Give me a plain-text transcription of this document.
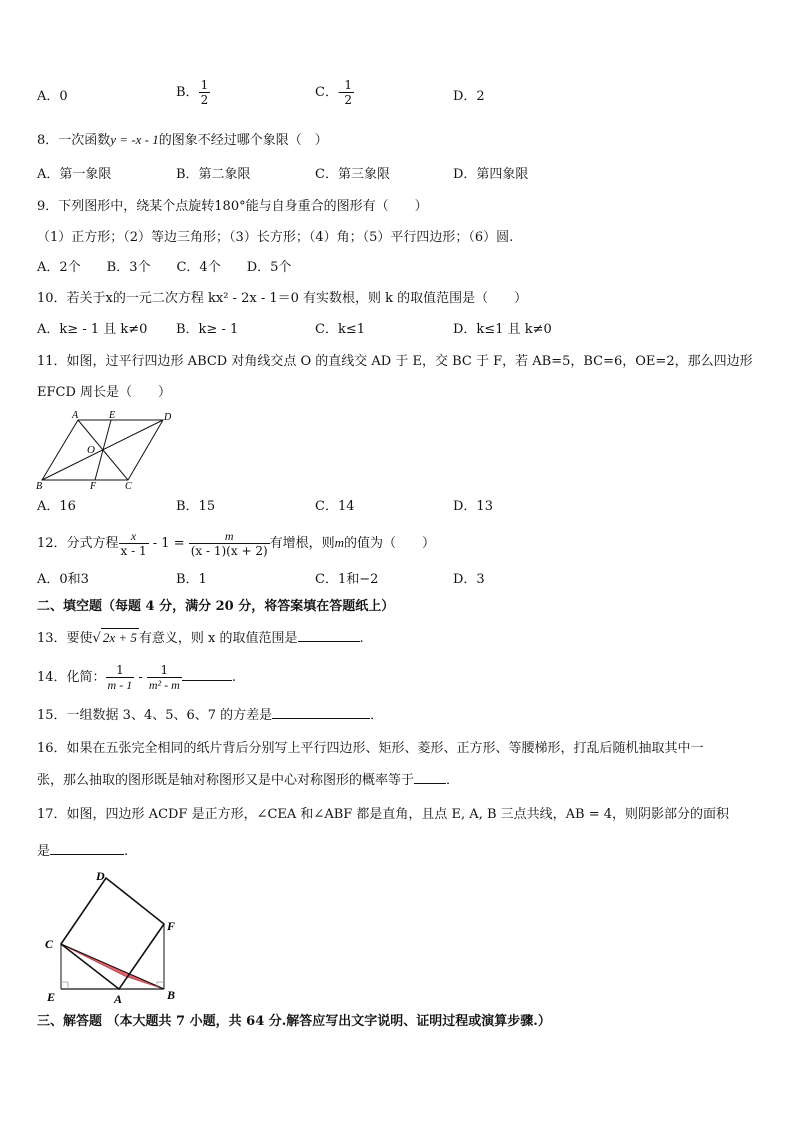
A．0	B． $\frac{1}{2}$	C．- $\frac{1}{2}$	D．2
8．一次函数y = -x - 1的图象不经过哪个象限（　）
A．第一象限	B．第二象限	C．第三象限	D．第四象限
9．下列图形中，绕某个点旋转180°能与自身重合的图形有（　　）
（1）正方形；（2）等边三角形；（3）长方形；（4）角；（5）平行四边形；（6）圆.
A．2个　　B．3个　　C．4个　　D．5个
10．若关于x的一元二次方程 kx² - 2x - 1＝0 有实数根，则 k 的取值范围是（　　）
A．k≥ - 1 且 k≠0 B．k≥ - 1	C．k≤1	D．k≤1 且 k≠0
11．如图，过平行四边形 ABCD 对角线交点 O 的直线交 AD 于 E，交 BC 于 F，若 AB=5，BC=6，OE=2，那么四边形
EFCD 周长是（　　）
A	E	D
O
B	F	C
A．16	B．15	C．14	D．13
12．分式方程 $\frac{x}{x - 1} - 1 = \frac{m}{(x - 1)(x + 2)}$ 有增根，则m的值为（　　）
A．0和3	B．1	C．1和−2	D．3
二、填空题（每题 4 分，满分 20 分，将答案填在答题纸上）
13．要使√ 2x + 5 有意义，则 x 的取值范围是	.
14．化简： $\frac{1}{m - 1} - \frac{1}{\text{m² - m}}$	.
15．一组数据 3、4、5、6、7 的方差是	．
16．如果在五张完全相同的纸片背后分别写上平行四边形、矩形、菱形、正方形、等腰梯形，打乱后随机抽取其中一
张，那么抽取的图形既是轴对称图形又是中心对称图形的概率等于 ．
17．如图，四边形 ACDF 是正方形，∠CEA 和∠ABF 都是直角，且点 E, A, B 三点共线，AB = 4，则阴影部分的面积
是	.
D
F
C
E	A	B
三、解答题 （本大题共 7 小题，共 64 分.解答应写出文字说明、证明过程或演算步骤.）
